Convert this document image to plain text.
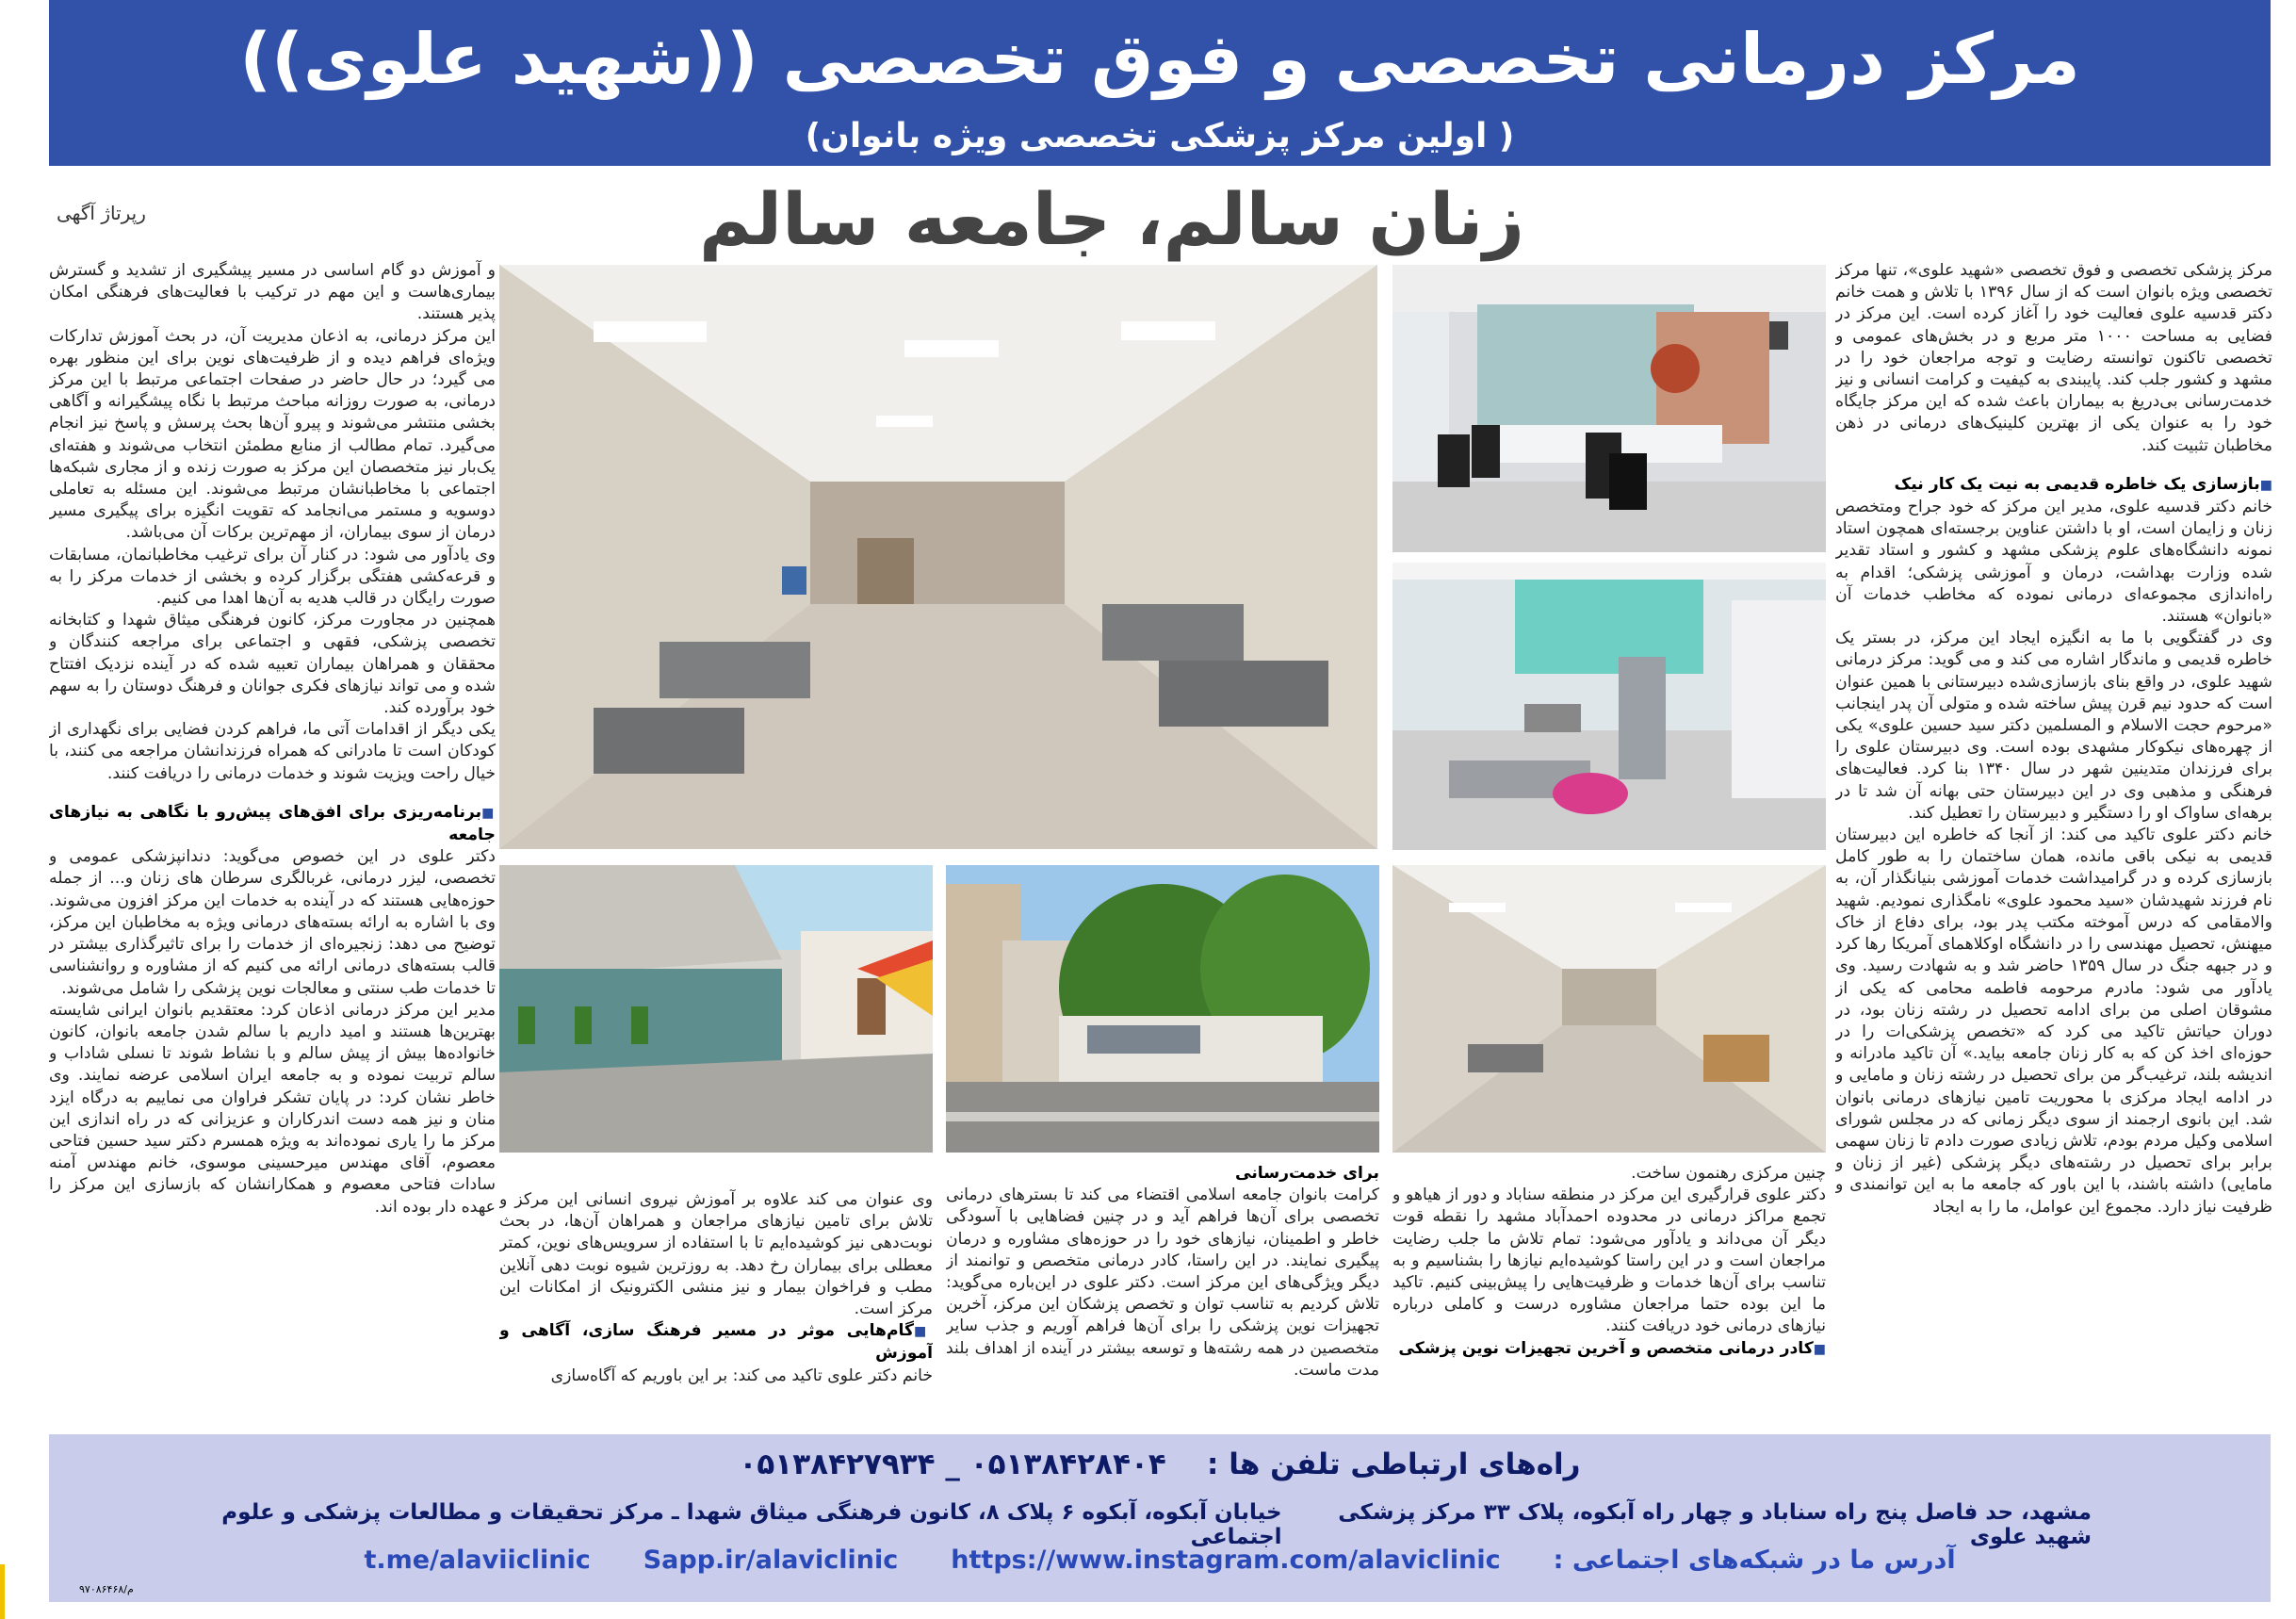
مرکز درمانی تخصصی و فوق تخصصی ((شهید علوی))
(اولین مرکز پزشکی تخصصی ویژه بانوان )
رپرتاژ آگهی	زنان سالم، جامعه سالم

مرکز پزشکی تخصصی و فوق تخصصی «شهید علوی»، تنها مرکز تخصصی ویژه بانوان است که از سال ۱۳۹۶ با تلاش و همت خانم دکتر قدسیه علوی فعالیت خود را آغاز کرده است. این مرکز در فضایی به مساحت ۱۰۰۰ متر مربع و در بخش‌های عمومی و تخصصی تاکنون توانسته رضایت و توجه مراجعان خود را در مشهد و کشور جلب کند. پایبندی به کیفیت و کرامت انسانی و نیز خدمت‌رسانی بی‌دریغ به بیماران باعث شده که این مرکز جایگاه خود را به عنوان یکی از بهترین کلینیک‌های درمانی در ذهن مخاطبان تثبیت کند.

■ بازسازی یک خاطره قدیمی به نیت یک کار نیک

خانم دکتر قدسیه علوی، مدیر این مرکز که خود جراح ومتخصص زنان و زایمان است، او با داشتن عناوین برجسته‌ای همچون استاد نمونه دانشگاه‌های علوم پزشکی مشهد و کشور و استاد تقدیر شده وزارت بهداشت، درمان و آموزشی پزشکی؛ اقدام به راه‌اندازی مجموعه‌ای درمانی نموده که مخاطب خدمات آن «بانوان» هستند.

وی در گفتگویی با ما به انگیزه ایجاد این مرکز، در بستر یک خاطره قدیمی و ماندگار اشاره می کند و می گوید: مرکز درمانی شهید علوی، در واقع بنای بازسازی‌شده دبیرستانی با همین عنوان است که حدود نیم قرن پیش ساخته شده و متولی آن پدر اینجانب «مرحوم حجت الاسلام و المسلمین دکتر سید حسین علوی» یکی از چهره‌های نیکوکار مشهدی بوده است. وی دبیرستان علوی را برای فرزندان متدینین شهر در سال ۱۳۴۰ بنا کرد. فعالیت‌های فرهنگی و مذهبی وی در این دبیرستان حتی بهانه آن شد تا در برهه‌ای ساواک او را دستگیر و دبیرستان را تعطیل کند.

خانم دکتر علوی تاکید می کند: از آنجا که خاطره این دبیرستان قدیمی به نیکی باقی مانده، همان ساختمان را به طور کامل بازسازی کرده و در گرامیداشت خدمات آموزشی بنیانگذار آن، به نام فرزند شهیدشان «سید محمود علوی» نامگذاری نمودیم. شهید والامقامی که درس آموخته مکتب پدر بود، برای دفاع از خاک میهنش، تحصیل مهندسی را در دانشگاه اوکلاهمای آمریکا رها کرد و در جبهه جنگ در سال ۱۳۵۹ حاضر شد و به شهادت رسید. وی یادآور می شود: مادرم مرحومه فاطمه محامی که یکی از مشوقان اصلی من برای ادامه تحصیل در رشته زنان بود، در دوران حیاتش تاکید می کرد که «تخصص پزشکی‌ات را در حوزه‌ای اخذ کن که به کار زنان جامعه بیاید.» آن تاکید مادرانه و اندیشه بلند، ترغیب‌گر من برای تحصیل در رشته زنان و مامایی و در ادامه ایجاد مرکزی با محوریت تامین نیازهای درمانی بانوان شد. این بانوی ارجمند از سوی دیگر زمانی که در مجلس شورای اسلامی وکیل مردم بودم، تلاش زیادی صورت دادم تا زنان سهمی برابر برای تحصیل در رشته‌های دیگر پزشکی (غیر از زنان و مامایی) داشته باشند، با این باور که جامعه ما به این توانمندی و ظرفیت نیاز دارد. مجموع این عوامل، ما را به ایجاد

و آموزش دو گام اساسی در مسیر پیشگیری از تشدید و گسترش بیماری‌هاست و این مهم در ترکیب با فعالیت‌های فرهنگی امکان پذیر هستند.

این مرکز درمانی، به اذعان مدیریت آن، در بحث آموزش تدارکات ویژه‌ای فراهم دیده و از ظرفیت‌های نوین برای این منظور بهره می گیرد؛ در حال حاضر در صفحات اجتماعی مرتبط با این مرکز درمانی، به صورت روزانه مباحث مرتبط با نگاه پیشگیرانه و آگاهی بخشی منتشر می‌شوند و پیرو آن‌ها بحث پرسش و پاسخ نیز انجام می‌گیرد. تمام مطالب از منابع مطمئن انتخاب می‌شوند و هفته‌ای یک‌بار نیز متخصصان این مرکز به صورت زنده و از مجاری شبکه‌ها اجتماعی با مخاطبانشان مرتبط می‌شوند. این مسئله به تعاملی دوسویه و مستمر می‌انجامد که تقویت انگیزه برای پیگیری مسیر درمان از سوی بیماران، از مهم‌ترین برکات آن می‌باشد.

وی یادآور می شود: در کنار آن برای ترغیب مخاطبانمان، مسابقات و قرعه‌کشی هفتگی برگزار کرده و بخشی از خدمات مرکز را به صورت رایگان در قالب هدیه به آن‌ها اهدا می کنیم.

همچنین در مجاورت مرکز، کانون فرهنگی میثاق شهدا و کتابخانه تخصصی پزشکی، فقهی و اجتماعی برای مراجعه کنندگان و محققان و همراهان بیماران تعبیه شده که در آینده نزدیک افتتاح شده و می تواند نیازهای فکری جوانان و فرهنگ دوستان را به سهم خود برآورده کند.

یکی دیگر از اقدامات آتی ما، فراهم کردن فضایی برای نگهداری از کودکان است تا مادرانی که همراه فرزندانشان مراجعه می کنند، با خیال راحت ویزیت شوند و خدمات درمانی را دریافت کنند.

■ برنامه‌ریزی برای افق‌های پیش‌رو با نگاهی به نیازهای جامعه

دکتر علوی در این خصوص می‌گوید: دندانپزشکی عمومی و تخصصی، لیزر درمانی، غربالگری سرطان های زنان و... از جمله حوزه‌هایی هستند که در آینده به خدمات این مرکز افزون می‌شوند. وی با اشاره به ارائه بسته‌های درمانی ویژه به مخاطبان این مرکز، توضیح می دهد: زنجیره‌ای از خدمات را برای تاثیرگذاری بیشتر در قالب بسته‌های درمانی ارائه می کنیم که از مشاوره و روانشناسی تا خدمات طب سنتی و معالجات نوین پزشکی را شامل می‌شوند.

مدیر این مرکز درمانی اذعان کرد: معتقدیم بانوان ایرانی شایسته بهترین‌ها هستند و امید داریم با سالم شدن جامعه بانوان، کانون خانواده‌ها بیش از پیش سالم و با نشاط شوند تا نسلی شاداب و سالم تربیت نموده و به جامعه ایران اسلامی عرضه نمایند. وی خاطر نشان کرد: در پایان تشکر فراوان می نماییم به درگاه ایزد منان و نیز همه دست اندرکاران و عزیزانی که در راه اندازی این مرکز ما را یاری نموده‌اند به ویژه همسرم دکتر سید حسین فتاحی معصوم، آقای مهندس میرحسینی موسوی، خانم مهندس آمنه سادات فتاحی معصوم و همکارانشان که بازسازی این مرکز را عهده دار بوده اند.

چنین مرکزی رهنمون ساخت.

دکتر علوی قرارگیری این مرکز در منطقه سناباد و دور از هیاهو و تجمع مراکز درمانی در محدوده احمدآباد مشهد را نقطه قوت دیگر آن می‌داند و یادآور می‌شود: تمام تلاش ما جلب رضایت مراجعان است و در این راستا کوشیده‌ایم نیازها را بشناسیم و به تناسب برای آن‌ها خدمات و ظرفیت‌هایی را پیش‌بینی کنیم. تاکید ما این بوده حتما مراجعان مشاوره درست و کاملی درباره نیازهای درمانی خود دریافت کنند.

■ کادر درمانی متخصص و آخرین تجهیزات نوین پزشکی

برای خدمت‌رسانی

کرامت بانوان جامعه اسلامی اقتضاء می کند تا بسترهای درمانی تخصصی برای آن‌ها فراهم آید و در چنین فضاهایی با آسودگی خاطر و اطمینان، نیازهای خود را در حوزه‌های مشاوره و درمان پیگیری نمایند. در این راستا، کادر درمانی متخصص و توانمند از دیگر ویژگی‌های این مرکز است. دکتر علوی در این‌باره می‌گوید: تلاش کردیم به تناسب توان و تخصص پزشکان این مرکز، آخرین تجهیزات نوین پزشکی را برای آن‌ها فراهم آوریم و جذب سایر متخصصین در همه رشته‌ها و توسعه بیشتر در آینده از اهداف بلند مدت ماست.

وی عنوان می کند علاوه بر آموزش نیروی انسانی این مرکز و تلاش برای تامین نیازهای مراجعان و همراهان آن‌ها، در بحث نوبت‌دهی نیز کوشیده‌ایم تا با استفاده از سرویس‌های نوین، کمتر معطلی برای بیماران رخ دهد. به روزترین شیوه نوبت دهی آنلاین مطب و فراخوان بیمار و نیز منشی الکترونیک از امکانات این مرکز است.

■ گام‌هایی موثر در مسیر فرهنگ سازی، آگاهی و آموزش

خانم دکتر علوی تاکید می کند: بر این باوریم که آگاه‌سازی

راه‌های ارتباطی تلفن ها :    ۰۵۱۳۸۴۲۸۴۰۴ _ ۰۵۱۳۸۴۲۷۹۳۴
مشهد، حد فاصل پنج راه سناباد و چهار راه آبکوه، پلاک ۳۳ مرکز پزشکی شهید علوی
خیابان آبکوه، آبکوه ۶ پلاک ۸، کانون فرهنگی میثاق شهدا ـ مرکز تحقیقات و مطالعات پزشکی و علوم اجتماعی
آدرس ما در شبکه‌های اجتماعی :
https://www.instagram.com/alaviclinic
Sapp.ir/alaviclinic
t.me/alaviiclinic
۹۷۰۸۶۴۶۸/م
